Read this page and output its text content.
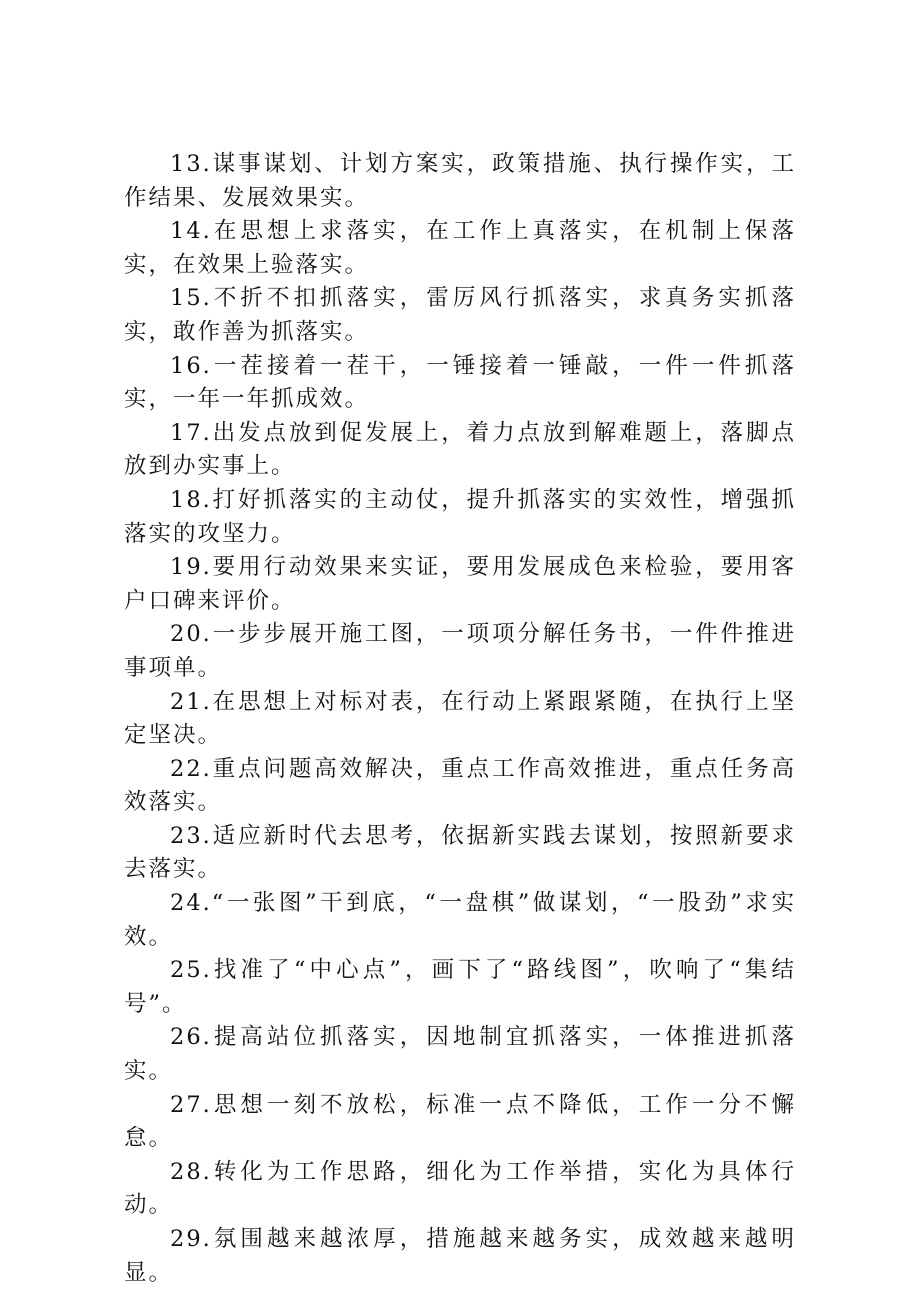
13.谋事谋划、计划方案实，政策措施、执行操作实，工作结果、发展效果实。

14.在思想上求落实，在工作上真落实，在机制上保落实，在效果上验落实。

15.不折不扣抓落实，雷厉风行抓落实，求真务实抓落实，敢作善为抓落实。

16.一茬接着一茬干，一锤接着一锤敲，一件一件抓落实，一年一年抓成效。

17.出发点放到促发展上，着力点放到解难题上，落脚点放到办实事上。

18.打好抓落实的主动仗，提升抓落实的实效性，增强抓落实的攻坚力。

19.要用行动效果来实证，要用发展成色来检验，要用客户口碑来评价。

20.一步步展开施工图，一项项分解任务书，一件件推进事项单。

21.在思想上对标对表，在行动上紧跟紧随，在执行上坚定坚决。

22.重点问题高效解决，重点工作高效推进，重点任务高效落实。

23.适应新时代去思考，依据新实践去谋划，按照新要求去落实。

24.“一张图”干到底，“一盘棋”做谋划，“一股劲”求实效。

25.找准了“中心点”，画下了“路线图”，吹响了“集结号”。

26.提高站位抓落实，因地制宜抓落实，一体推进抓落实。

27.思想一刻不放松，标准一点不降低，工作一分不懈怠。

28.转化为工作思路，细化为工作举措，实化为具体行动。

29.氛围越来越浓厚，措施越来越务实，成效越来越明显。
